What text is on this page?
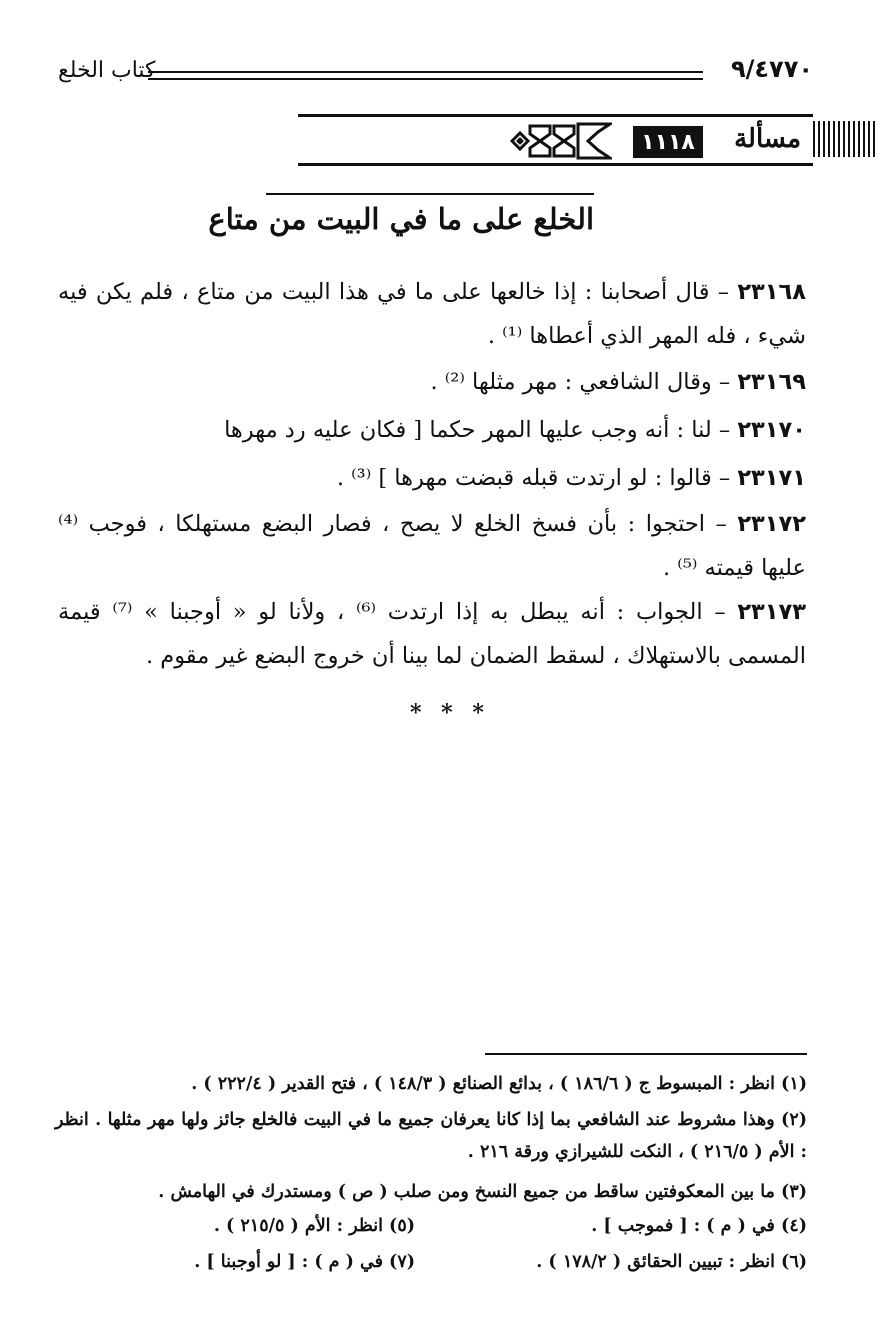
٩/٤٧٧٠
كتاب الخلع
مسألة
١١١٨
الخلع على ما في البيت من متاع
٢٣١٦٨ – قال أصحابنا : إذا خالعها على ما في هذا البيت من متاع ، فلم يكن فيه شيء ، فله المهر الذي أعطاها ⁽¹⁾ .
٢٣١٦٩ – وقال الشافعي : مهر مثلها ⁽²⁾ .
٢٣١٧٠ – لنا : أنه وجب عليها المهر حكما [ فكان عليه رد مهرها
٢٣١٧١ – قالوا : لو ارتدت قبله قبضت مهرها ] ⁽³⁾ .
٢٣١٧٢ – احتجوا : بأن فسخ الخلع لا يصح ، فصار البضع مستهلكا ، فوجب ⁽⁴⁾ عليها قيمته ⁽⁵⁾ .
٢٣١٧٣ – الجواب : أنه يبطل به إذا ارتدت ⁽⁶⁾ ، ولأنا لو « أوجبنا » ⁽⁷⁾ قيمة المسمى بالاستهلاك ، لسقط الضمان لما بينا أن خروج البضع غير مقوم .
* * *
(١) انظر : المبسوط ج ( ١٨٦/٦ ) ، بدائع الصنائع ( ١٤٨/٣ ) ، فتح القدير ( ٢٢٢/٤ ) .
(٢) وهذا مشروط عند الشافعي بما إذا كانا يعرفان جميع ما في البيت فالخلع جائز ولها مهر مثلها . انظر : الأم ( ٢١٦/٥ ) ، النكت للشيرازي ورقة ٢١٦ .
(٣) ما بين المعكوفتين ساقط من جميع النسخ ومن صلب ( ص ) ومستدرك في الهامش .
(٤) في ( م ) : [ فموجب ] .
(٥) انظر : الأم ( ٢١٥/٥ ) .
(٦) انظر : تبيين الحقائق ( ١٧٨/٢ ) .
(٧) في ( م ) : [ لو أوجبنا ] .
